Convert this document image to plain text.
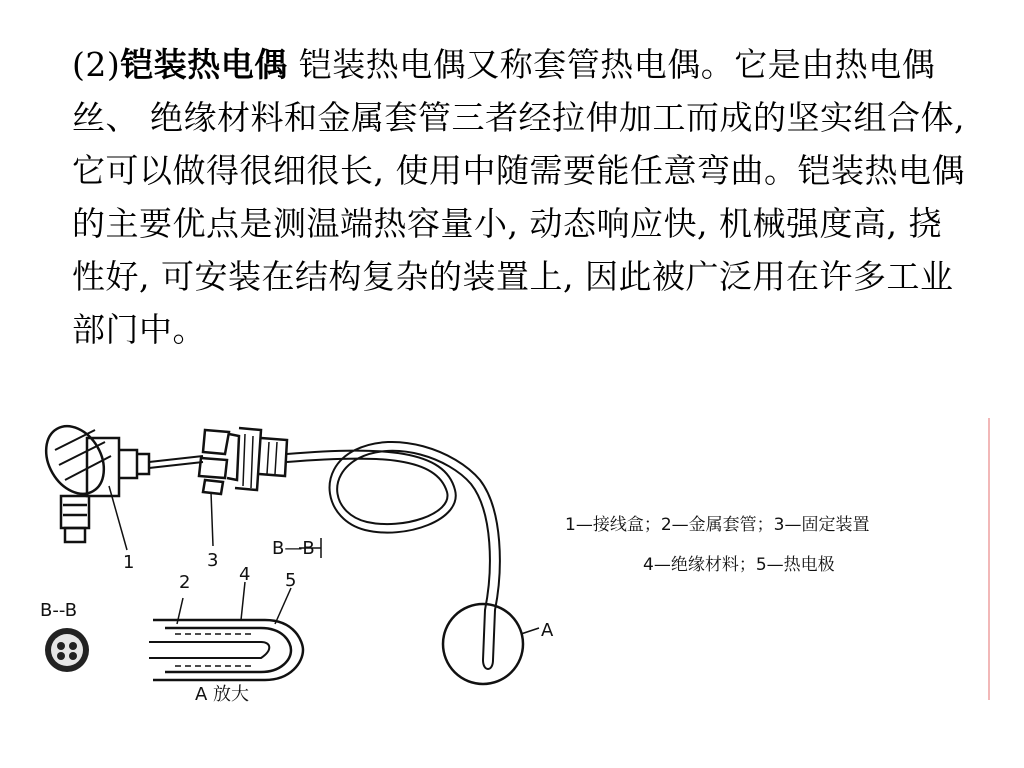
(2)铠装热电偶 铠装热电偶又称套管热电偶。它是由热电偶丝、 绝缘材料和金属套管三者经拉伸加工而成的坚实组合体, 它可以做得很细很长, 使用中随需要能任意弯曲。铠装热电偶的主要优点是测温端热容量小, 动态响应快, 机械强度高, 挠性好, 可安装在结构复杂的装置上, 因此被广泛用在许多工业部门中。
A
B—B
1	3
2	4 5
A 放大
B--B
1—接线盒；2—金属套管；3—固定装置
4—绝缘材料；5—热电极
